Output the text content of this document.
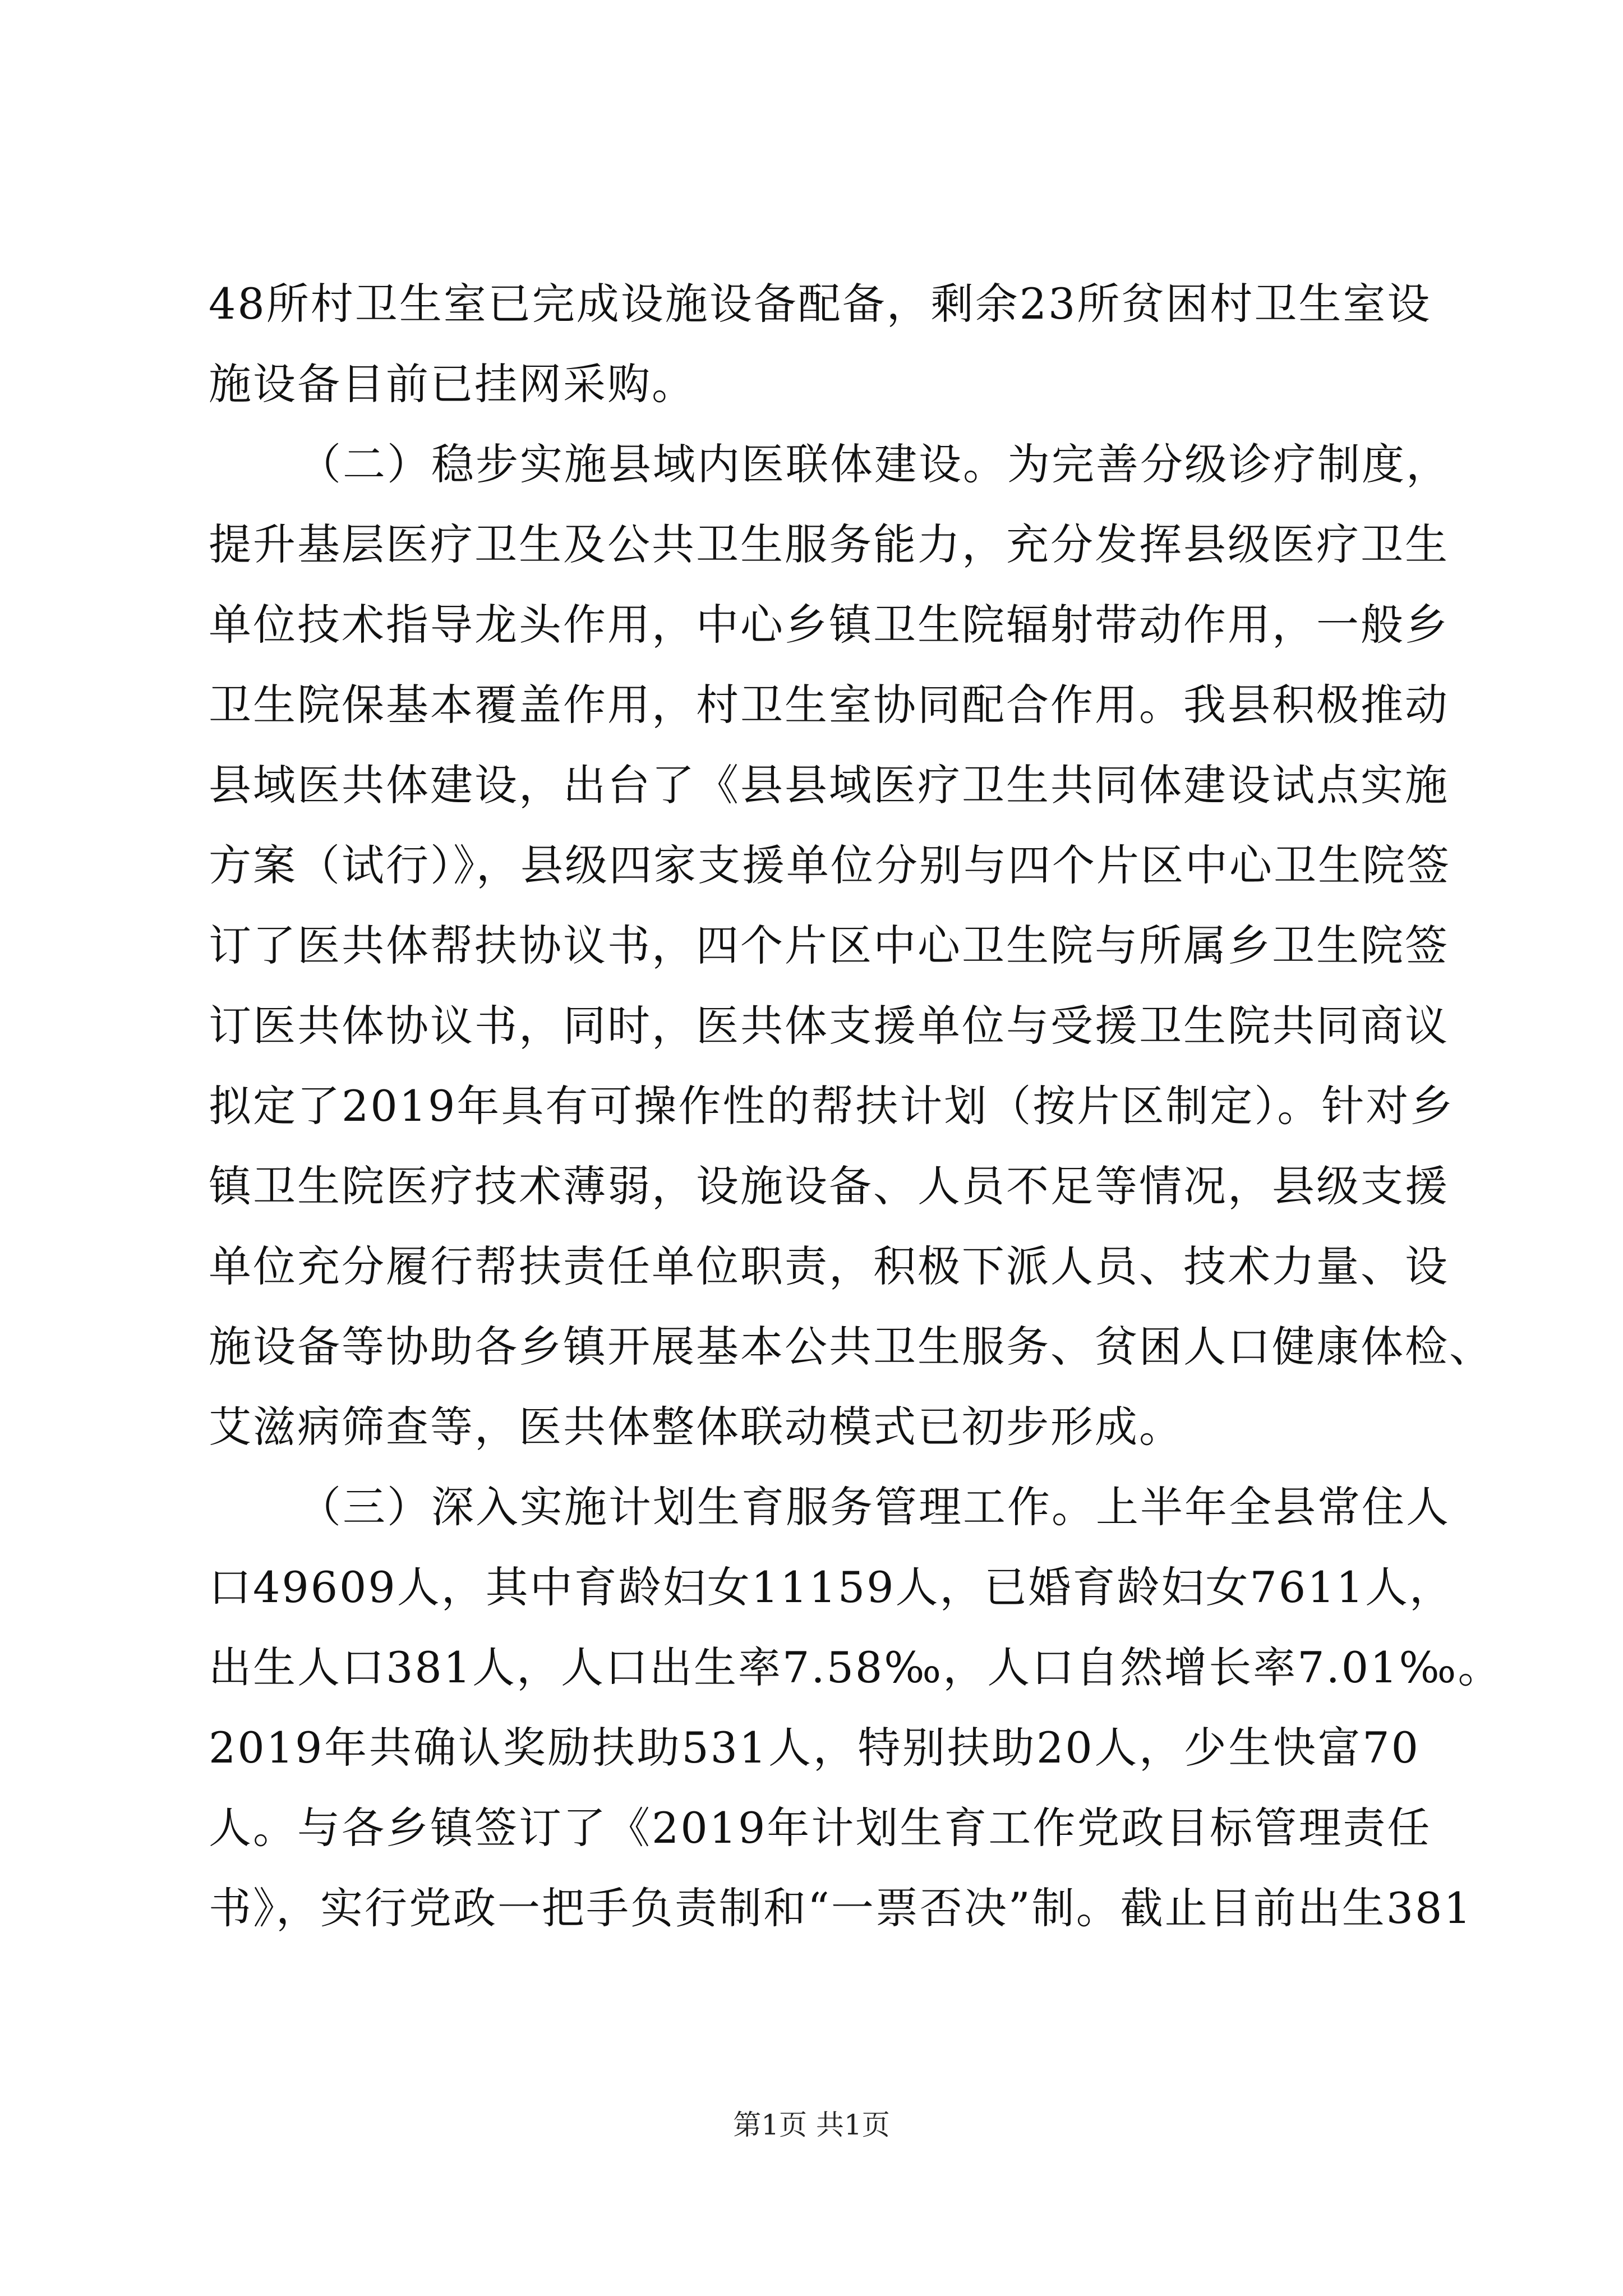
48所村卫生室已完成设施设备配备，剩余23所贫困村卫生室设
施设备目前已挂网采购。
（二）稳步实施县域内医联体建设。为完善分级诊疗制度，
提升基层医疗卫生及公共卫生服务能力，充分发挥县级医疗卫生
单位技术指导龙头作用，中心乡镇卫生院辐射带动作用，一般乡
卫生院保基本覆盖作用，村卫生室协同配合作用。我县积极推动
县域医共体建设，出台了《县县域医疗卫生共同体建设试点实施
方案（试行）》，县级四家支援单位分别与四个片区中心卫生院签
订了医共体帮扶协议书，四个片区中心卫生院与所属乡卫生院签
订医共体协议书，同时，医共体支援单位与受援卫生院共同商议
拟定了2019年具有可操作性的帮扶计划（按片区制定）。针对乡
镇卫生院医疗技术薄弱，设施设备、人员不足等情况，县级支援
单位充分履行帮扶责任单位职责，积极下派人员、技术力量、设
施设备等协助各乡镇开展基本公共卫生服务、贫困人口健康体检、
艾滋病筛查等，医共体整体联动模式已初步形成。
（三）深入实施计划生育服务管理工作。上半年全县常住人
口49609人，其中育龄妇女11159人，已婚育龄妇女7611人，
出生人口381人，人口出生率7.58‰，人口自然增长率7.01‰。
2019年共确认奖励扶助531人，特别扶助20人，少生快富70
人。与各乡镇签订了《2019年计划生育工作党政目标管理责任
书》，实行党政一把手负责制和“一票否决”制。截止目前出生381
第1页 共1页
